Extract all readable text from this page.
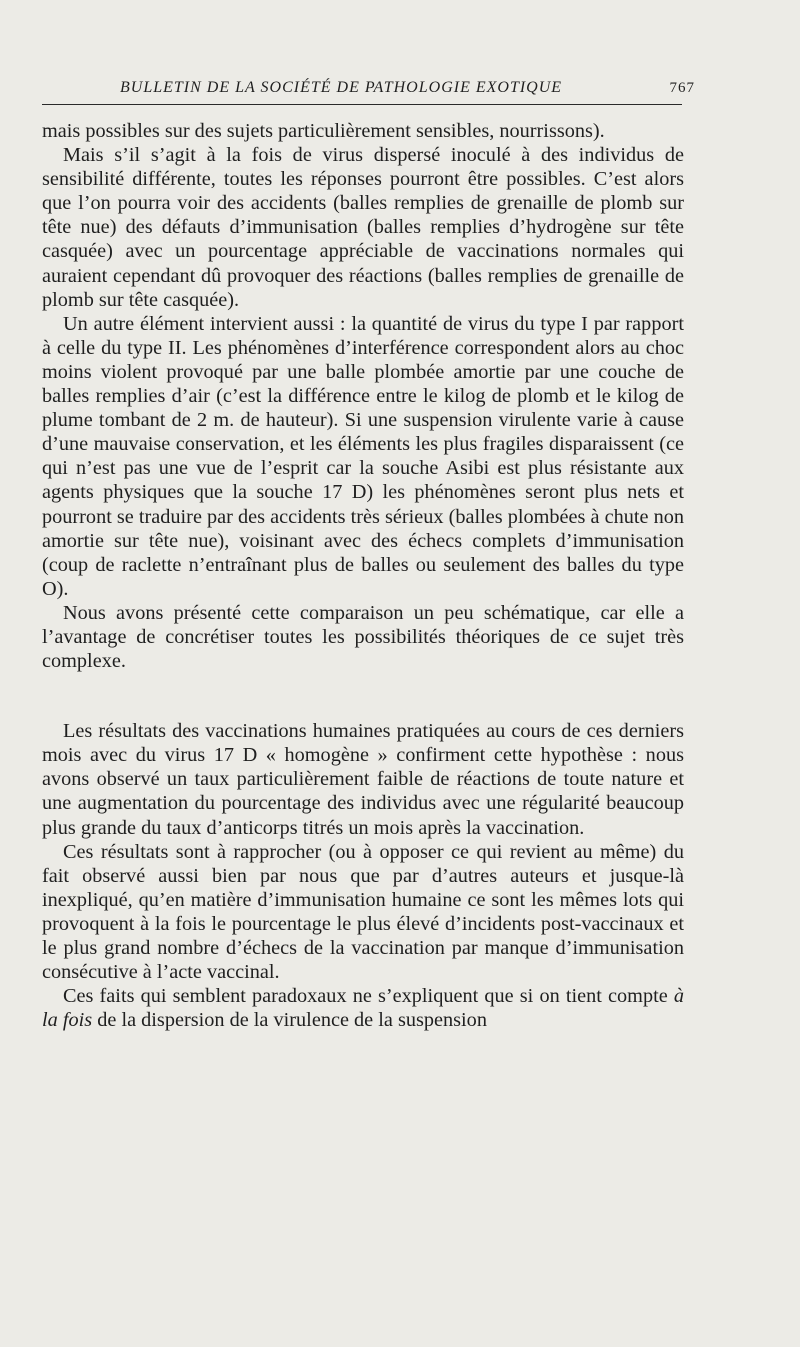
BULLETIN DE LA SOCIÉTÉ DE PATHOLOGIE EXOTIQUE	767

mais possibles sur des sujets particulièrement sensibles, nourrissons).

Mais s’il s’agit à la fois de virus dispersé inoculé à des individus de sensibilité différente, toutes les réponses pourront être possibles. C’est alors que l’on pourra voir des accidents (balles remplies de grenaille de plomb sur tête nue) des défauts d’immunisation (balles remplies d’hydrogène sur tête casquée) avec un pourcentage appréciable de vaccinations normales qui auraient cependant dû provoquer des réactions (balles remplies de grenaille de plomb sur tête casquée).

Un autre élément intervient aussi : la quantité de virus du type I par rapport à celle du type II. Les phénomènes d’interférence correspondent alors au choc moins violent provoqué par une balle plombée amortie par une couche de balles remplies d’air (c’est la différence entre le kilog de plomb et le kilog de plume tombant de 2 m. de hauteur). Si une suspension virulente varie à cause d’une mauvaise conservation, et les éléments les plus fragiles disparaissent (ce qui n’est pas une vue de l’esprit car la souche Asibi est plus résistante aux agents physiques que la souche 17 D) les phénomènes seront plus nets et pourront se traduire par des accidents très sérieux (balles plombées à chute non amortie sur tête nue), voisinant avec des échecs complets d’immunisation (coup de raclette n’entraînant plus de balles ou seulement des balles du type O).

Nous avons présenté cette comparaison un peu schématique, car elle a l’avantage de concrétiser toutes les possibilités théoriques de ce sujet très complexe.

Les résultats des vaccinations humaines pratiquées au cours de ces derniers mois avec du virus 17 D « homogène » confirment cette hypothèse : nous avons observé un taux particulièrement faible de réactions de toute nature et une augmentation du pourcentage des individus avec une régularité beaucoup plus grande du taux d’anticorps titrés un mois après la vaccination.

Ces résultats sont à rapprocher (ou à opposer ce qui revient au même) du fait observé aussi bien par nous que par d’autres auteurs et jusque-là inexpliqué, qu’en matière d’immunisation humaine ce sont les mêmes lots qui provoquent à la fois le pourcentage le plus élevé d’incidents post-vaccinaux et le plus grand nombre d’échecs de la vaccination par manque d’immunisation consécutive à l’acte vaccinal.

Ces faits qui semblent paradoxaux ne s’expliquent que si on tient compte à la fois de la dispersion de la virulence de la suspension
